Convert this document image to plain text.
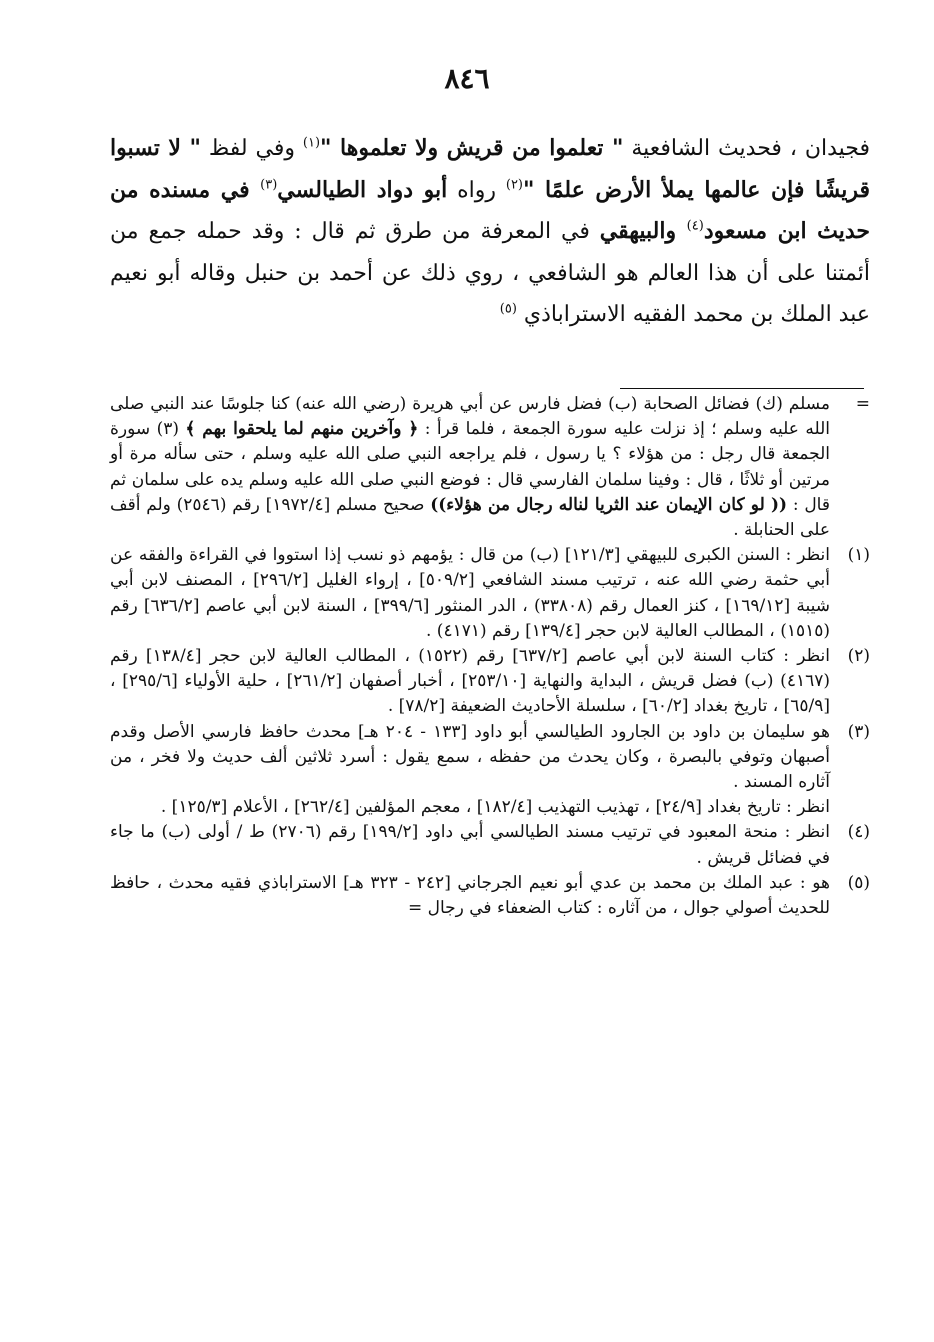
٨٤٦
فجيدان ، فحديث الشافعية " تعلموا من قريش ولا تعلموها "$^{(١)}$ وفي لفظ " لا تسبوا قريشًا فإن عالمها يملأ الأرض علمًا "$^{(٢)}$ رواه أبو دواد الطيالسي$^{(٣)}$ في مسنده من حديث ابن مسعود$^{(٤)}$ والبيهقي في المعرفة من طرق ثم قال : وقد حمله جمع من أئمتنا على أن هذا العالم هو الشافعي ، روي ذلك عن أحمد بن حنبل وقاله أبو نعيم عبد الملك بن محمد الفقيه الاستراباذي $^{(٥)}$
=
مسلم (ك) فضائل الصحابة (ب) فضل فارس عن أبي هريرة (رضي الله عنه) كنا جلوسًا عند النبي صلى الله عليه وسلم ؛ إذ نزلت عليه سورة الجمعة ، فلما قرأ : ﴿ وآخرين منهم لما يلحقوا بهم ﴾ (٣) سورة الجمعة قال رجل : من هؤلاء ؟ يا رسول ، فلم يراجعه النبي صلى الله عليه وسلم ، حتى سأله مرة أو مرتين أو ثلاثًا ، قال : وفينا سلمان الفارسي قال : فوضع النبي صلى الله عليه وسلم يده على سلمان ثم قال : (( لو كان الإيمان عند الثريا لناله رجال من هؤلاء)) صحيح مسلم [١٩٧٢/٤] رقم (٢٥٤٦) ولم أقف على الحنابلة .
(١)
انظر : السنن الكبرى للبيهقي [١٢١/٣] (ب) من قال : يؤمهم ذو نسب إذا استووا في القراءة والفقه عن أبي حثمة رضي الله عنه ، ترتيب مسند الشافعي [٥٠٩/٢] ، إرواء الغليل [٢٩٦/٢] ، المصنف لابن أبي شيبة [١٦٩/١٢] ، كنز العمال رقم (٣٣٨٠٨) ، الدر المنثور [٣٩٩/٦] ، السنة لابن أبي عاصم [٦٣٦/٢] رقم (١٥١٥) ، المطالب العالية لابن حجر [١٣٩/٤] رقم (٤١٧١) .
(٢)
انظر : كتاب السنة لابن أبي عاصم [٦٣٧/٢] رقم (١٥٢٢) ، المطالب العالية لابن حجر [١٣٨/٤] رقم (٤١٦٧) (ب) فضل قريش ، البداية والنهاية [٢٥٣/١٠] ، أخبار أصفهان [٢٦١/٢] ، حلية الأولياء [٢٩٥/٦] ، [٦٥/٩] ، تاريخ بغداد [٦٠/٢] ، سلسلة الأحاديث الضعيفة [٧٨/٢] .
(٣)
هو سليمان بن داود بن الجارود الطيالسي أبو داود [١٣٣ - ٢٠٤ هـ] محدث حافظ فارسي الأصل وقدم أصبهان وتوفي بالبصرة ، وكان يحدث من حفظه ، سمع يقول : أسرد ثلاثين ألف حديث ولا فخر ، من آثاره المسند .
انظر : تاريخ بغداد [٢٤/٩] ، تهذيب التهذيب [١٨٢/٤] ، معجم المؤلفين [٢٦٢/٤] ، الأعلام [١٢٥/٣] .
(٤)
انظر : منحة المعبود في ترتيب مسند الطيالسي أبي داود [١٩٩/٢] رقم (٢٧٠٦) ط / أولى (ب) ما جاء في فضائل قريش .
(٥)
هو : عبد الملك بن محمد بن عدي أبو نعيم الجرجاني [٢٤٢ - ٣٢٣ هـ] الاستراباذي فقيه محدث ، حافظ للحديث أصولي جوال ، من آثاره : كتاب الضعفاء في رجال =
